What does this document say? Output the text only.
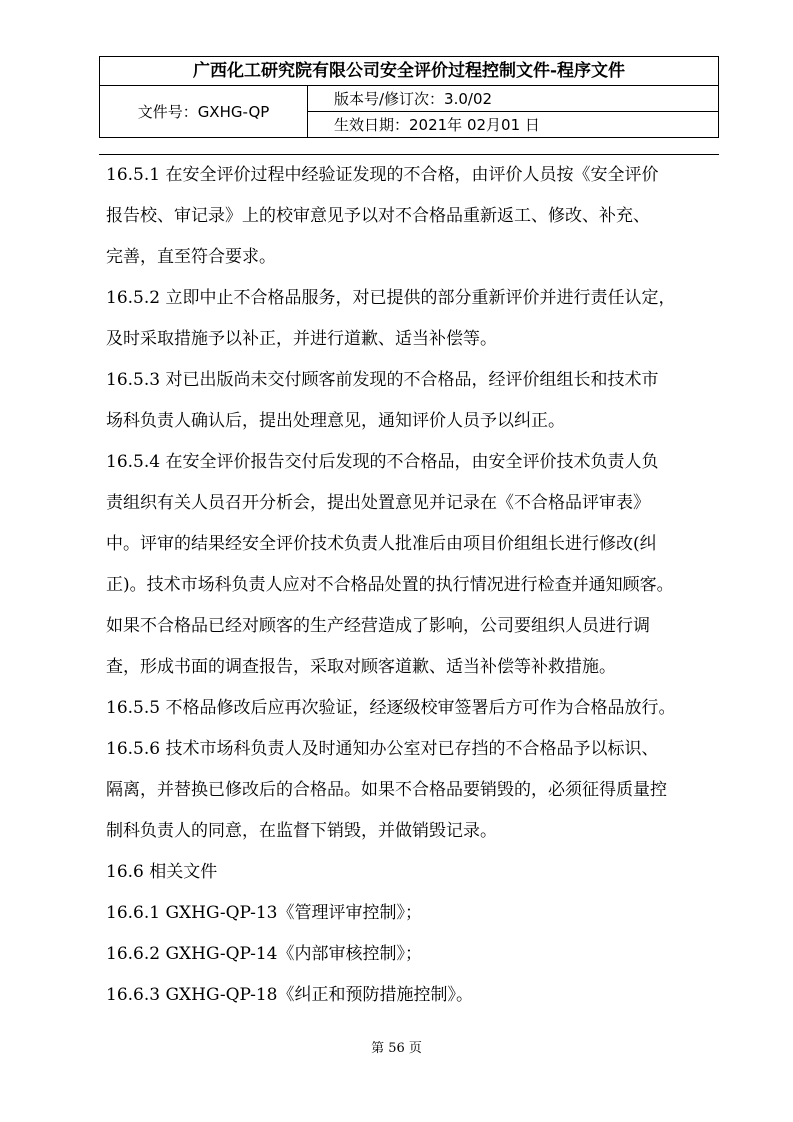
广西化工研究院有限公司安全评价过程控制文件-程序文件
文件号：GXHG-QP
版本号/修订次：3.0/02
生效日期：2021年 02月01 日

16.5.1 在安全评价过程中经验证发现的不合格，由评价人员按《安全评价

报告校、审记录》上的校审意见予以对不合格品重新返工、修改、补充、

完善，直至符合要求。

16.5.2 立即中止不合格品服务，对已提供的部分重新评价并进行责任认定，

及时采取措施予以补正，并进行道歉、适当补偿等。

16.5.3 对已出版尚未交付顾客前发现的不合格品，经评价组组长和技术市

场科负责人确认后，提出处理意见，通知评价人员予以纠正。

16.5.4 在安全评价报告交付后发现的不合格品，由安全评价技术负责人负

责组织有关人员召开分析会，提出处置意见并记录在《不合格品评审表》

中。评审的结果经安全评价技术负责人批准后由项目价组组长进行修改(纠

正)。技术市场科负责人应对不合格品处置的执行情况进行检查并通知顾客。

如果不合格品已经对顾客的生产经营造成了影响，公司要组织人员进行调

查，形成书面的调查报告，采取对顾客道歉、适当补偿等补救措施。

16.5.5 不格品修改后应再次验证，经逐级校审签署后方可作为合格品放行。

16.5.6 技术市场科负责人及时通知办公室对已存挡的不合格品予以标识、

隔离，并替换已修改后的合格品。如果不合格品要销毁的，必须征得质量控

制科负责人的同意，在监督下销毁，并做销毁记录。

16.6 相关文件

16.6.1 GXHG-QP-13《管理评审控制》；

16.6.2 GXHG-QP-14《内部审核控制》；

16.6.3 GXHG-QP-18《纠正和预防措施控制》。

第 56 页
